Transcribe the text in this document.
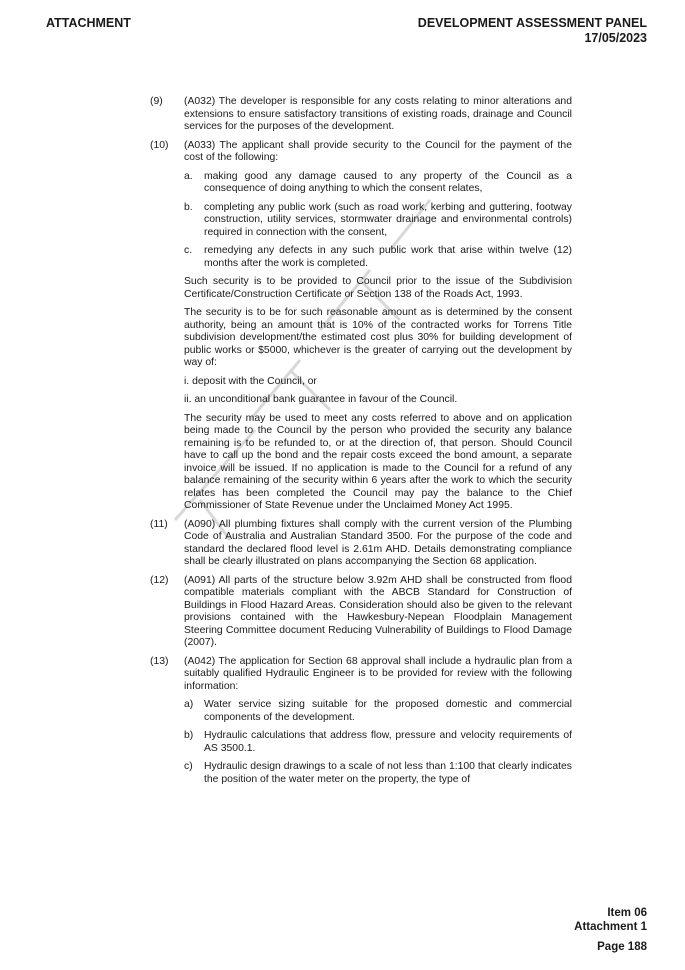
ATTACHMENT	DEVELOPMENT ASSESSMENT PANEL
17/05/2023
(9) (A032) The developer is responsible for any costs relating to minor alterations and extensions to ensure satisfactory transitions of existing roads, drainage and Council services for the purposes of the development.
(10) (A033) The applicant shall provide security to the Council for the payment of the cost of the following:
a. making good any damage caused to any property of the Council as a consequence of doing anything to which the consent relates,
b. completing any public work (such as road work, kerbing and guttering, footway construction, utility services, stormwater drainage and environmental controls) required in connection with the consent,
c. remedying any defects in any such public work that arise within twelve (12) months after the work is completed.
Such security is to be provided to Council prior to the issue of the Subdivision Certificate/Construction Certificate or Section 138 of the Roads Act, 1993.
The security is to be for such reasonable amount as is determined by the consent authority, being an amount that is 10% of the contracted works for Torrens Title subdivision development/the estimated cost plus 30% for building development of public works or $5000, whichever is the greater of carrying out the development by way of:
i. deposit with the Council, or
ii. an unconditional bank guarantee in favour of the Council.
The security may be used to meet any costs referred to above and on application being made to the Council by the person who provided the security any balance remaining is to be refunded to, or at the direction of, that person. Should Council have to call up the bond and the repair costs exceed the bond amount, a separate invoice will be issued. If no application is made to the Council for a refund of any balance remaining of the security within 6 years after the work to which the security relates has been completed the Council may pay the balance to the Chief Commissioner of State Revenue under the Unclaimed Money Act 1995.
(11) (A090) All plumbing fixtures shall comply with the current version of the Plumbing Code of Australia and Australian Standard 3500. For the purpose of the code and standard the declared flood level is 2.61m AHD. Details demonstrating compliance shall be clearly illustrated on plans accompanying the Section 68 application.
(12) (A091) All parts of the structure below 3.92m AHD shall be constructed from flood compatible materials compliant with the ABCB Standard for Construction of Buildings in Flood Hazard Areas. Consideration should also be given to the relevant provisions contained with the Hawkesbury-Nepean Floodplain Management Steering Committee document Reducing Vulnerability of Buildings to Flood Damage (2007).
(13) (A042) The application for Section 68 approval shall include a hydraulic plan from a suitably qualified Hydraulic Engineer is to be provided for review with the following information:
a) Water service sizing suitable for the proposed domestic and commercial components of the development.
b) Hydraulic calculations that address flow, pressure and velocity requirements of AS 3500.1.
c) Hydraulic design drawings to a scale of not less than 1:100 that clearly indicates the position of the water meter on the property, the type of
Item 06
Attachment 1
Page 188
